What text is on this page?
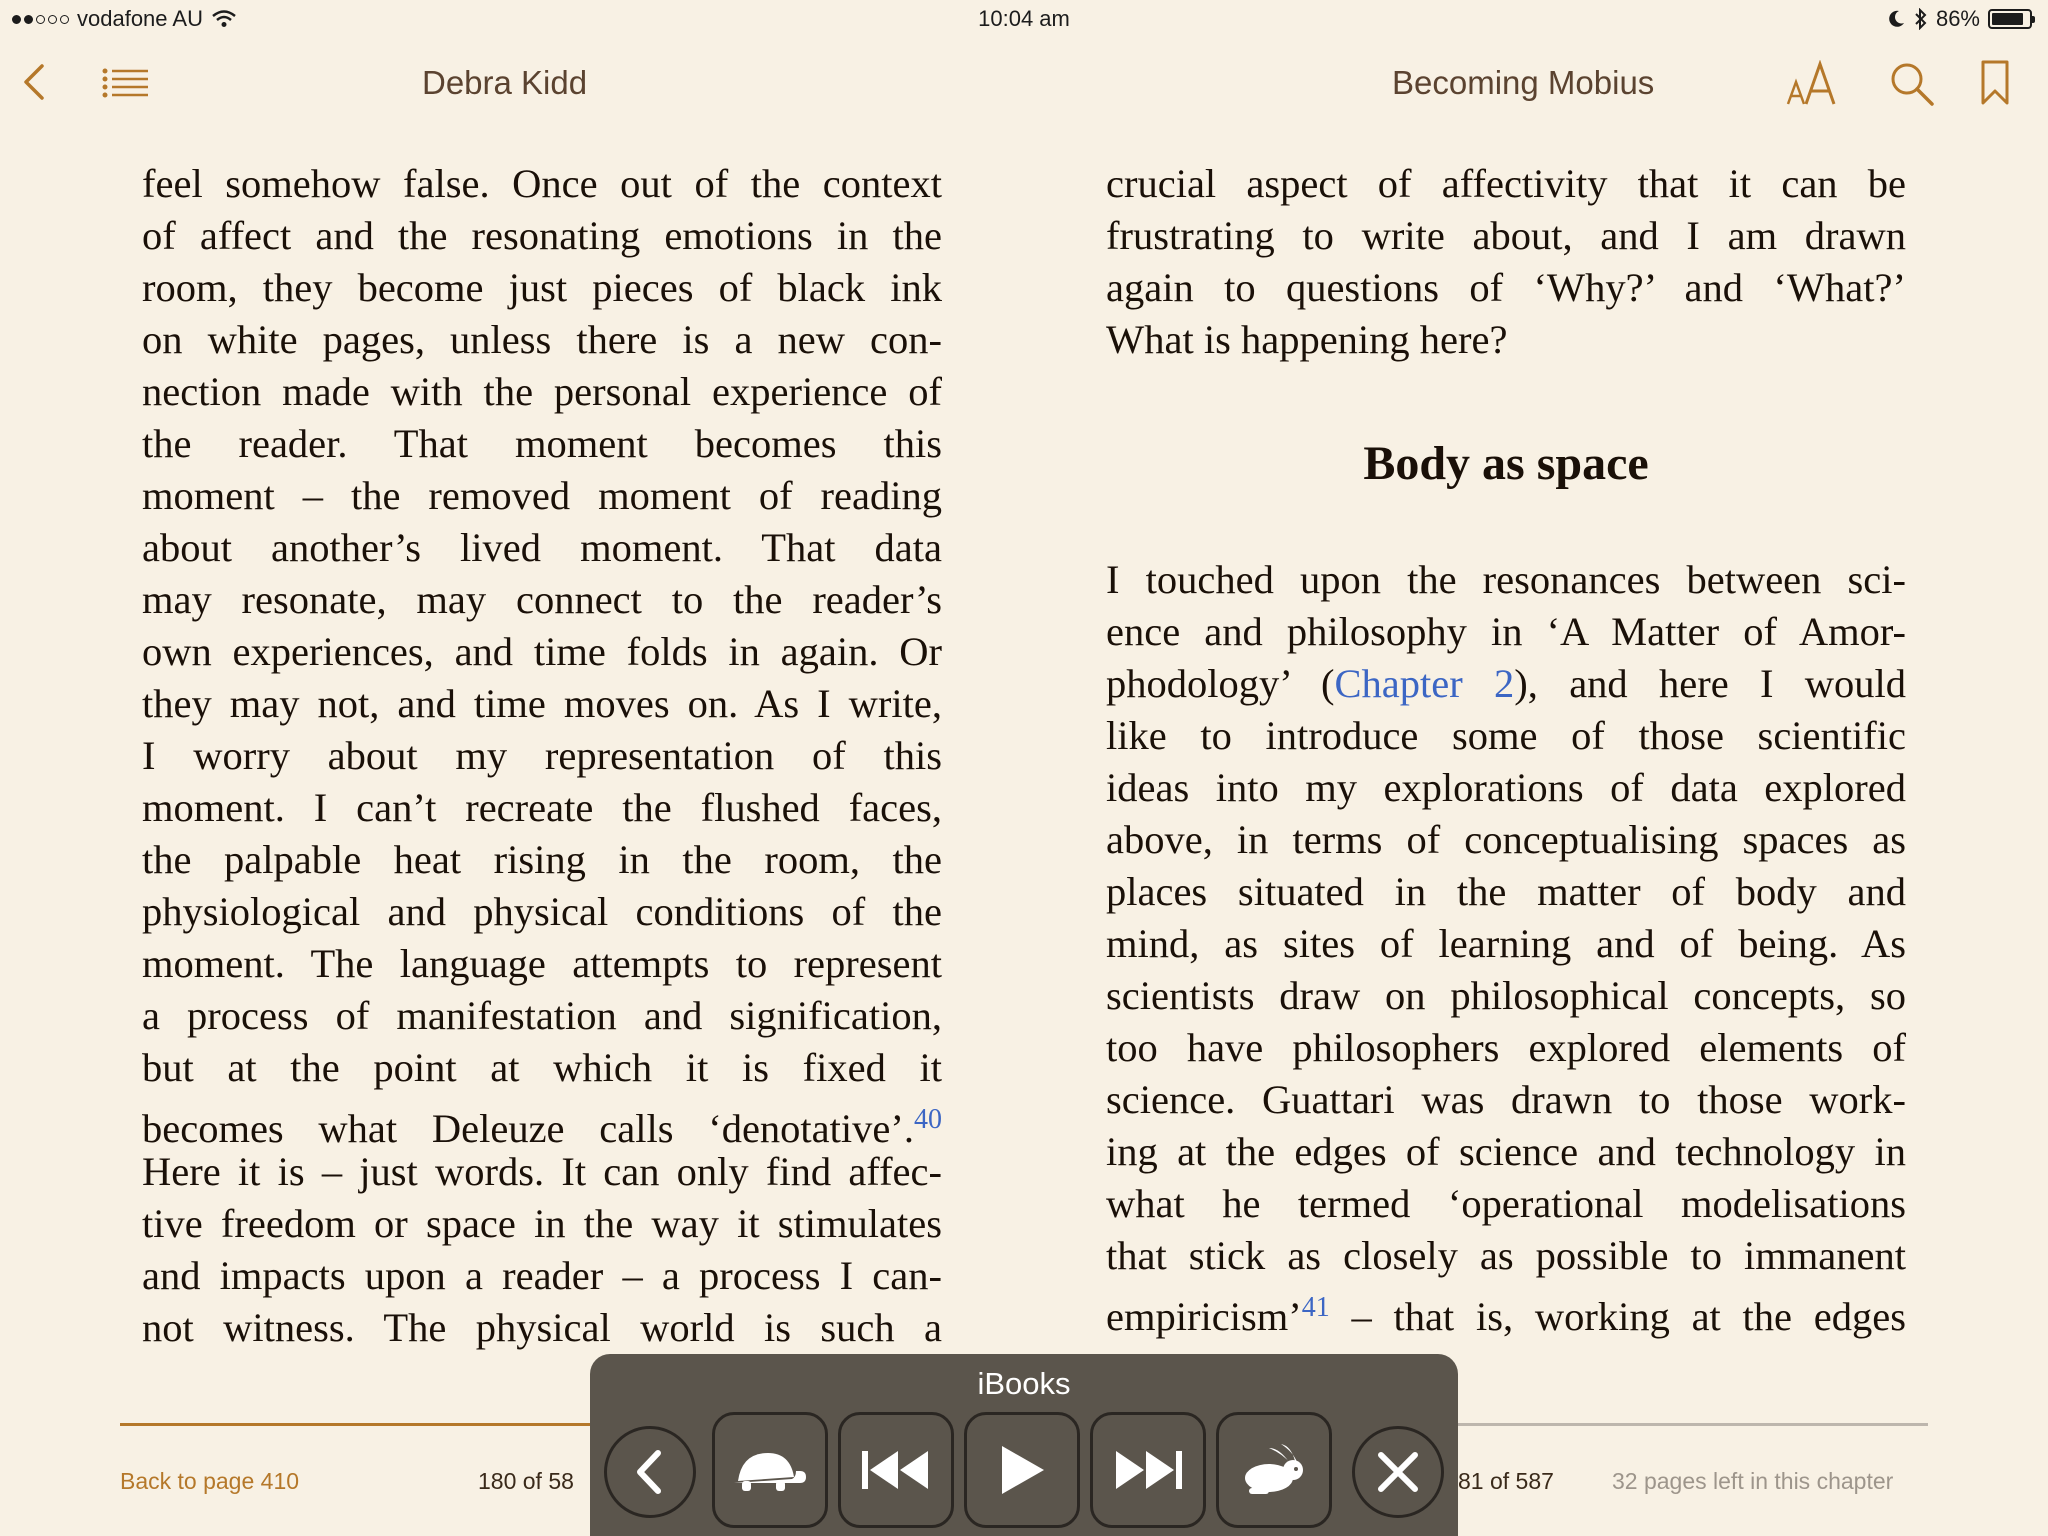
vodafone AU	10:04 am	86%
Debra Kidd	Becoming Mobius
feel somehow false. Once out of the context
of affect and the resonating emotions in the
room, they become just pieces of black ink
on white pages, unless there is a new con-
nection made with the personal experience of
the reader. That moment becomes this
moment – the removed moment of reading
about another’s lived moment. That data
may resonate, may connect to the reader’s
own experiences, and time folds in again. Or
they may not, and time moves on. As I write,
I worry about my representation of this
moment. I can’t recreate the flushed faces,
the palpable heat rising in the room, the
physiological and physical conditions of the
moment. The language attempts to represent
a process of manifestation and signification,
but at the point at which it is fixed it
becomes what Deleuze calls ‘denotative’.$^{40}$
Here it is – just words. It can only find affec-
tive freedom or space in the way it stimulates
and impacts upon a reader – a process I can-
not witness. The physical world is such a
crucial aspect of affectivity that it can be
frustrating to write about, and I am drawn
again to questions of ‘Why?’ and ‘What?’
What is happening here?
Body as space
I touched upon the resonances between sci-
ence and philosophy in ‘A Matter of Amor-
phodology’ (Chapter 2), and here I would
like to introduce some of those scientific
ideas into my explorations of data explored
above, in terms of conceptualising spaces as
places situated in the matter of body and
mind, as sites of learning and of being. As
scientists draw on philosophical concepts, so
too have philosophers explored elements of
science. Guattari was drawn to those work-
ing at the edges of science and technology in
what he termed ‘operational modelisations
that stick as closely as possible to immanent
empiricism’$^{41}$ – that is, working at the edges
Back to page 410	180 of 58	81 of 587	32 pages left in this chapter
iBooks
